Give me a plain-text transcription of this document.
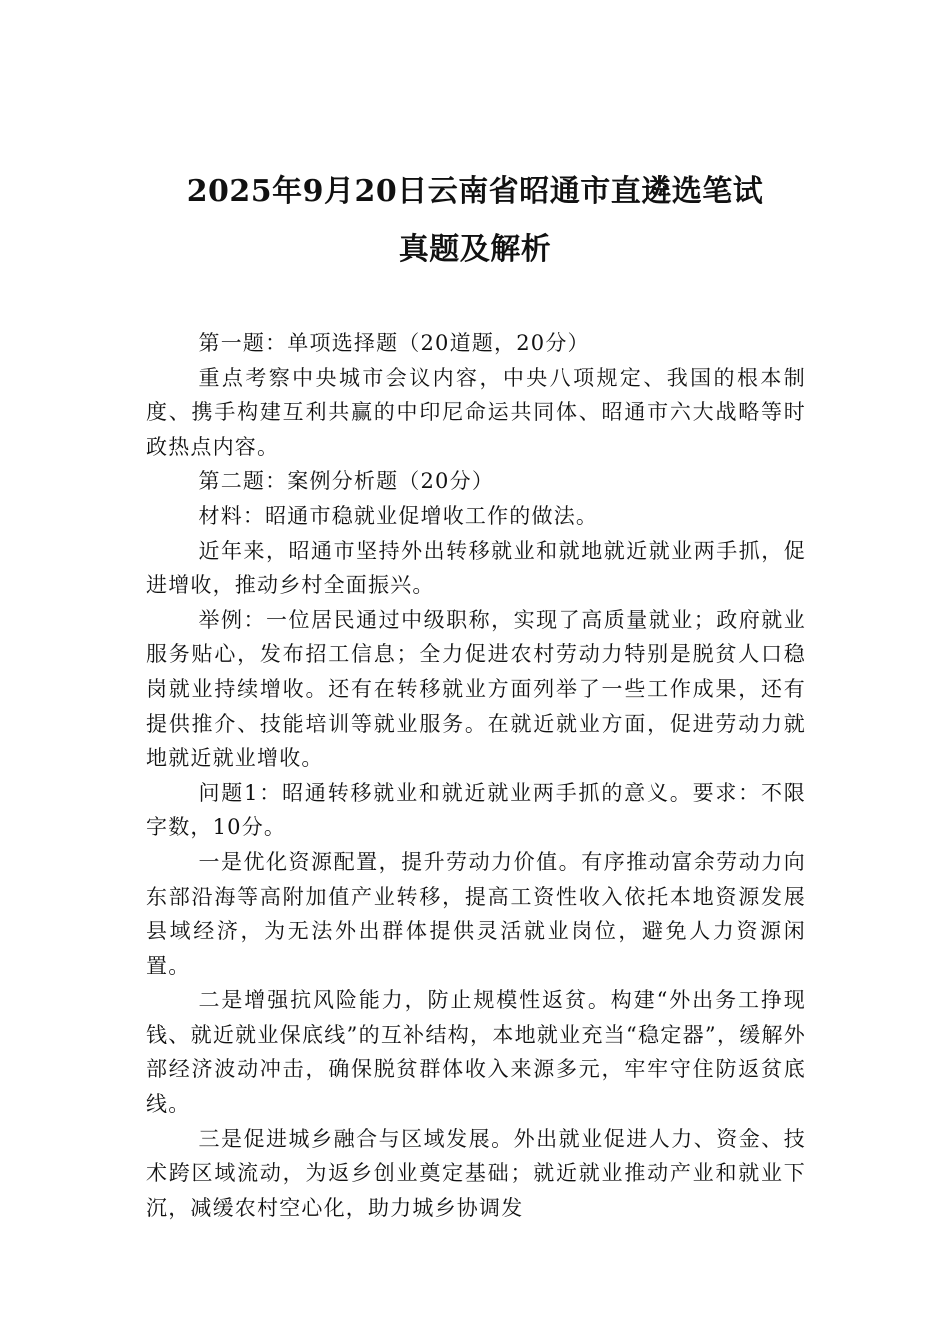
2025年9月20日云南省昭通市直遴选笔试
真题及解析

第一题：单项选择题（20道题，20分）

重点考察中央城市会议内容，中央八项规定、我国的根本制度、携手构建互利共赢的中印尼命运共同体、昭通市六大战略等时政热点内容。

第二题：案例分析题（20分）

材料：昭通市稳就业促增收工作的做法。

近年来，昭通市坚持外出转移就业和就地就近就业两手抓，促进增收，推动乡村全面振兴。

举例：一位居民通过中级职称，实现了高质量就业；政府就业服务贴心，发布招工信息；全力促进农村劳动力特别是脱贫人口稳岗就业持续增收。还有在转移就业方面列举了一些工作成果，还有提供推介、技能培训等就业服务。在就近就业方面，促进劳动力就地就近就业增收。

问题1：昭通转移就业和就近就业两手抓的意义。要求：不限字数，10分。

一是优化资源配置，提升劳动力价值。有序推动富余劳动力向东部沿海等高附加值产业转移，提高工资性收入依托本地资源发展县域经济，为无法外出群体提供灵活就业岗位，避免人力资源闲置。

二是增强抗风险能力，防止规模性返贫。构建“外出务工挣现钱、就近就业保底线”的互补结构，本地就业充当“稳定器”，缓解外部经济波动冲击，确保脱贫群体收入来源多元，牢牢守住防返贫底线。

三是促进城乡融合与区域发展。外出就业促进人力、资金、技术跨区域流动，为返乡创业奠定基础；就近就业推动产业和就业下沉，减缓农村空心化，助力城乡协调发
